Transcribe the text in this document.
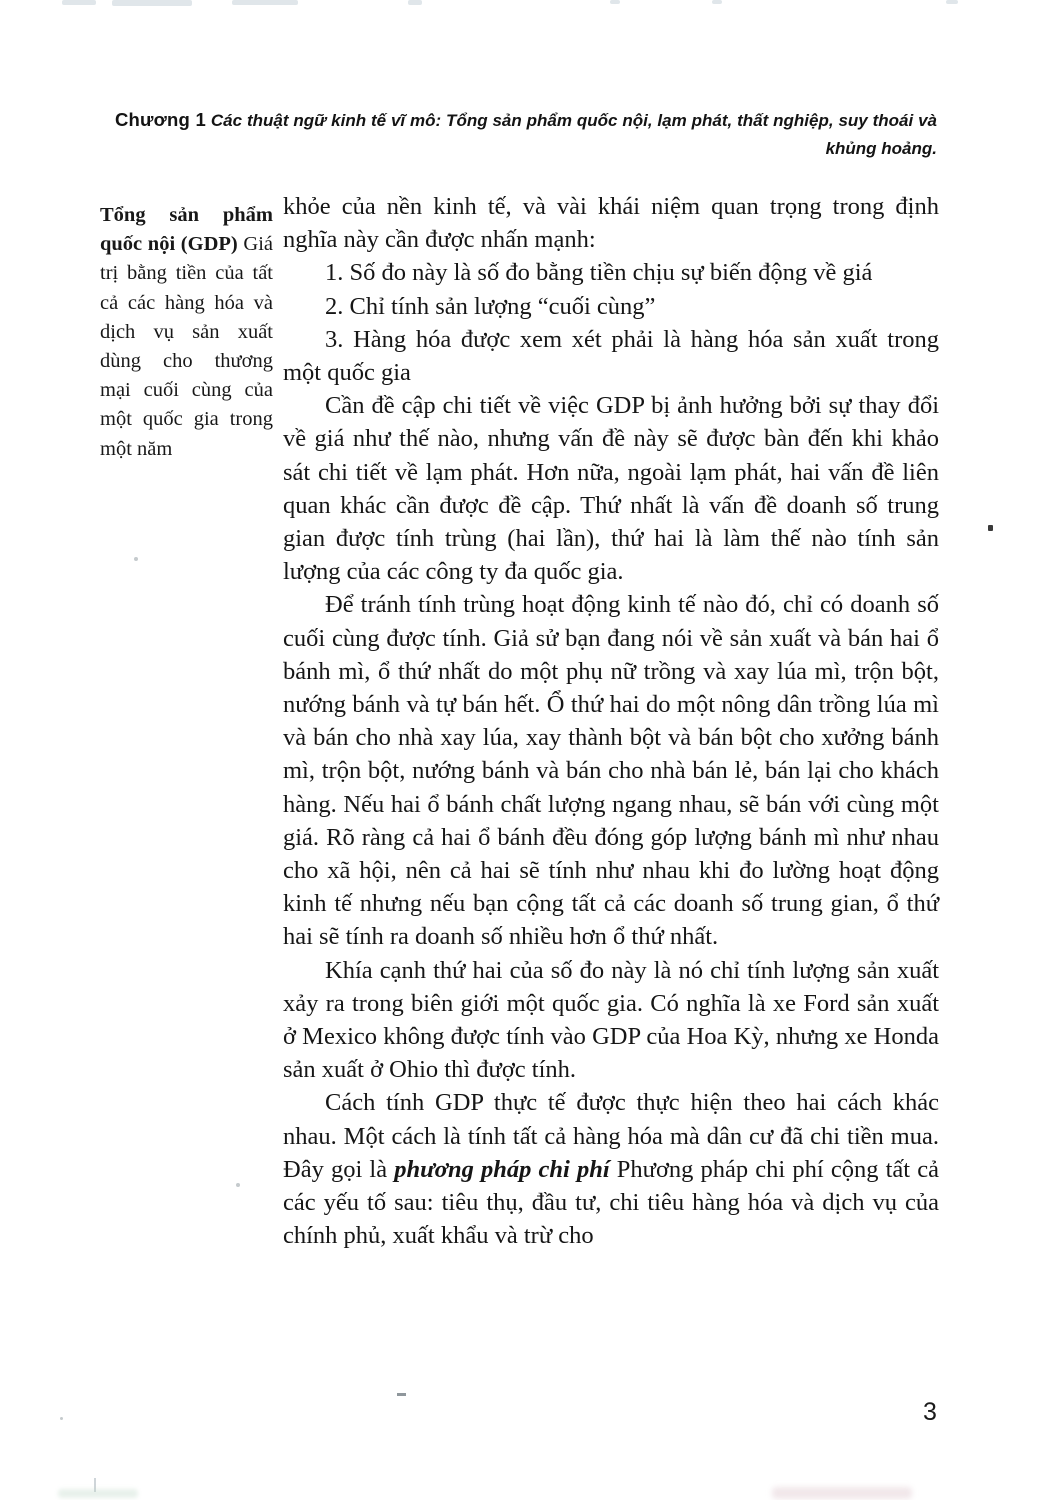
Chương 1 Các thuật ngữ kinh tế vĩ mô: Tổng sản phẩm quốc nội, lạm phát, thất nghiệp, suy thoái và khủng hoảng.
Tổng sản phẩm quốc nội (GDP) Giá trị bằng tiền của tất cả các hàng hóa và dịch vụ sản xuất dùng cho thương mại cuối cùng của một quốc gia trong một năm

khỏe của nền kinh tế, và vài khái niệm quan trọng trong định nghĩa này cần được nhấn mạnh:

1. Số đo này là số đo bằng tiền chịu sự biến động về giá

2. Chỉ tính sản lượng “cuối cùng”

3. Hàng hóa được xem xét phải là hàng hóa sản xuất trong một quốc gia

Cần đề cập chi tiết về việc GDP bị ảnh hưởng bởi sự thay đổi về giá như thế nào, nhưng vấn đề này sẽ được bàn đến khi khảo sát chi tiết về lạm phát. Hơn nữa, ngoài lạm phát, hai vấn đề liên quan khác cần được đề cập. Thứ nhất là vấn đề doanh số trung gian được tính trùng (hai lần), thứ hai là làm thế nào tính sản lượng của các công ty đa quốc gia.

Để tránh tính trùng hoạt động kinh tế nào đó, chỉ có doanh số cuối cùng được tính. Giả sử bạn đang nói về sản xuất và bán hai ổ bánh mì, ổ thứ nhất do một phụ nữ trồng và xay lúa mì, trộn bột, nướng bánh và tự bán hết. Ổ thứ hai do một nông dân trồng lúa mì và bán cho nhà xay lúa, xay thành bột và bán bột cho xưởng bánh mì, trộn bột, nướng bánh và bán cho nhà bán lẻ, bán lại cho khách hàng. Nếu hai ổ bánh chất lượng ngang nhau, sẽ bán với cùng một giá. Rõ ràng cả hai ổ bánh đều đóng góp lượng bánh mì như nhau cho xã hội, nên cả hai sẽ tính như nhau khi đo lường hoạt động kinh tế nhưng nếu bạn cộng tất cả các doanh số trung gian, ổ thứ hai sẽ tính ra doanh số nhiều hơn ổ thứ nhất.

Khía cạnh thứ hai của số đo này là nó chỉ tính lượng sản xuất xảy ra trong biên giới một quốc gia. Có nghĩa là xe Ford sản xuất ở Mexico không được tính vào GDP của Hoa Kỳ, nhưng xe Honda sản xuất ở Ohio thì được tính.

Cách tính GDP thực tế được thực hiện theo hai cách khác nhau. Một cách là tính tất cả hàng hóa mà dân cư đã chi tiền mua. Đây gọi là phương pháp chi phí Phương pháp chi phí cộng tất cả các yếu tố sau: tiêu thụ, đầu tư, chi tiêu hàng hóa và dịch vụ của chính phủ, xuất khẩu và trừ cho

3
